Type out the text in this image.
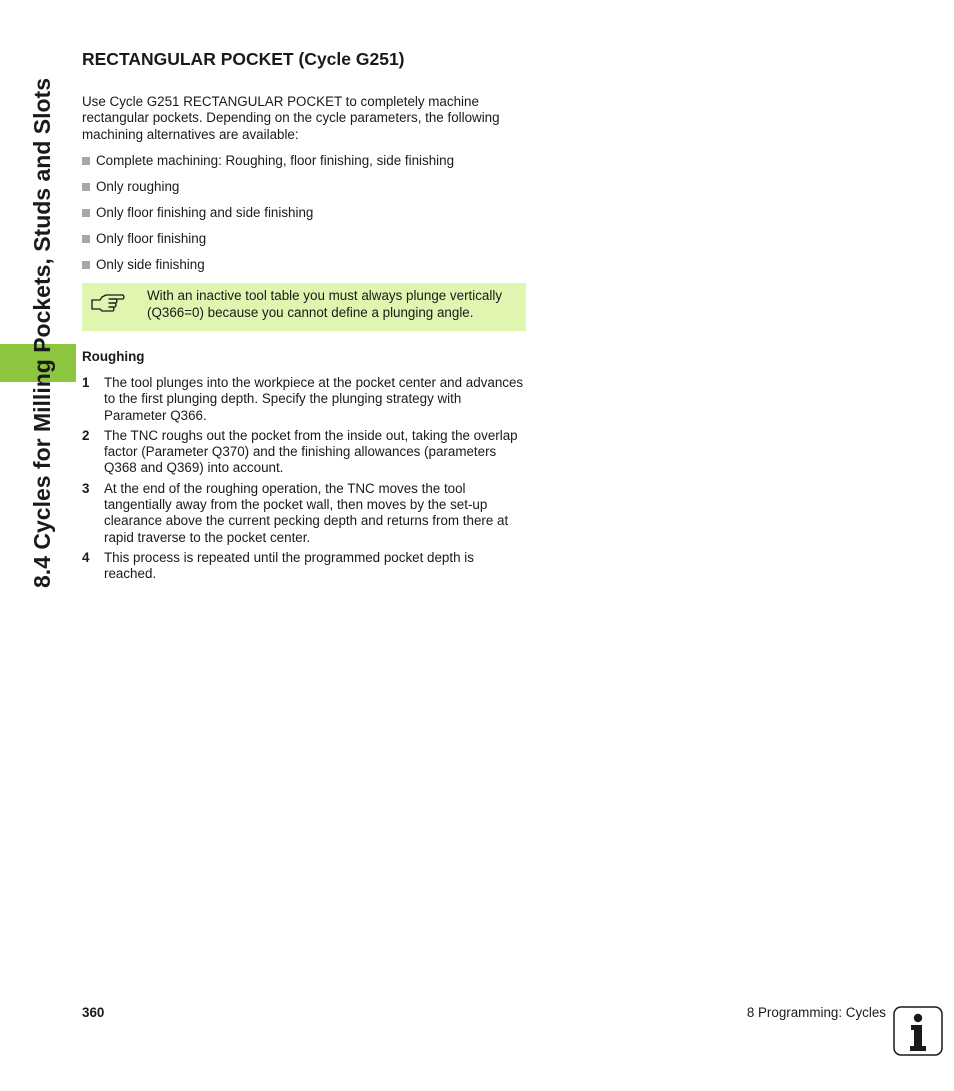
8.4 Cycles for Milling Pockets, Studs and Slots
RECTANGULAR POCKET (Cycle G251)

Use Cycle G251 RECTANGULAR POCKET to completely machine rectangular pockets. Depending on the cycle parameters, the following machining alternatives are available:

Complete machining: Roughing, floor finishing, side finishing
Only roughing
Only floor finishing and side finishing
Only floor finishing
Only side finishing
With an inactive tool table you must always plunge vertically (Q366=0) because you cannot define a plunging angle.
Roughing
1	The tool plunges into the workpiece at the pocket center and advances to the first plunging depth. Specify the plunging strategy with Parameter Q366.
2	The TNC roughs out the pocket from the inside out, taking the overlap factor (Parameter Q370) and the finishing allowances (parameters Q368 and Q369) into account.
3	At the end of the roughing operation, the TNC moves the tool tangentially away from the pocket wall, then moves by the set-up clearance above the current pecking depth and returns from there at rapid traverse to the pocket center.
4	This process is repeated until the programmed pocket depth is reached.
360	8 Programming: Cycles
